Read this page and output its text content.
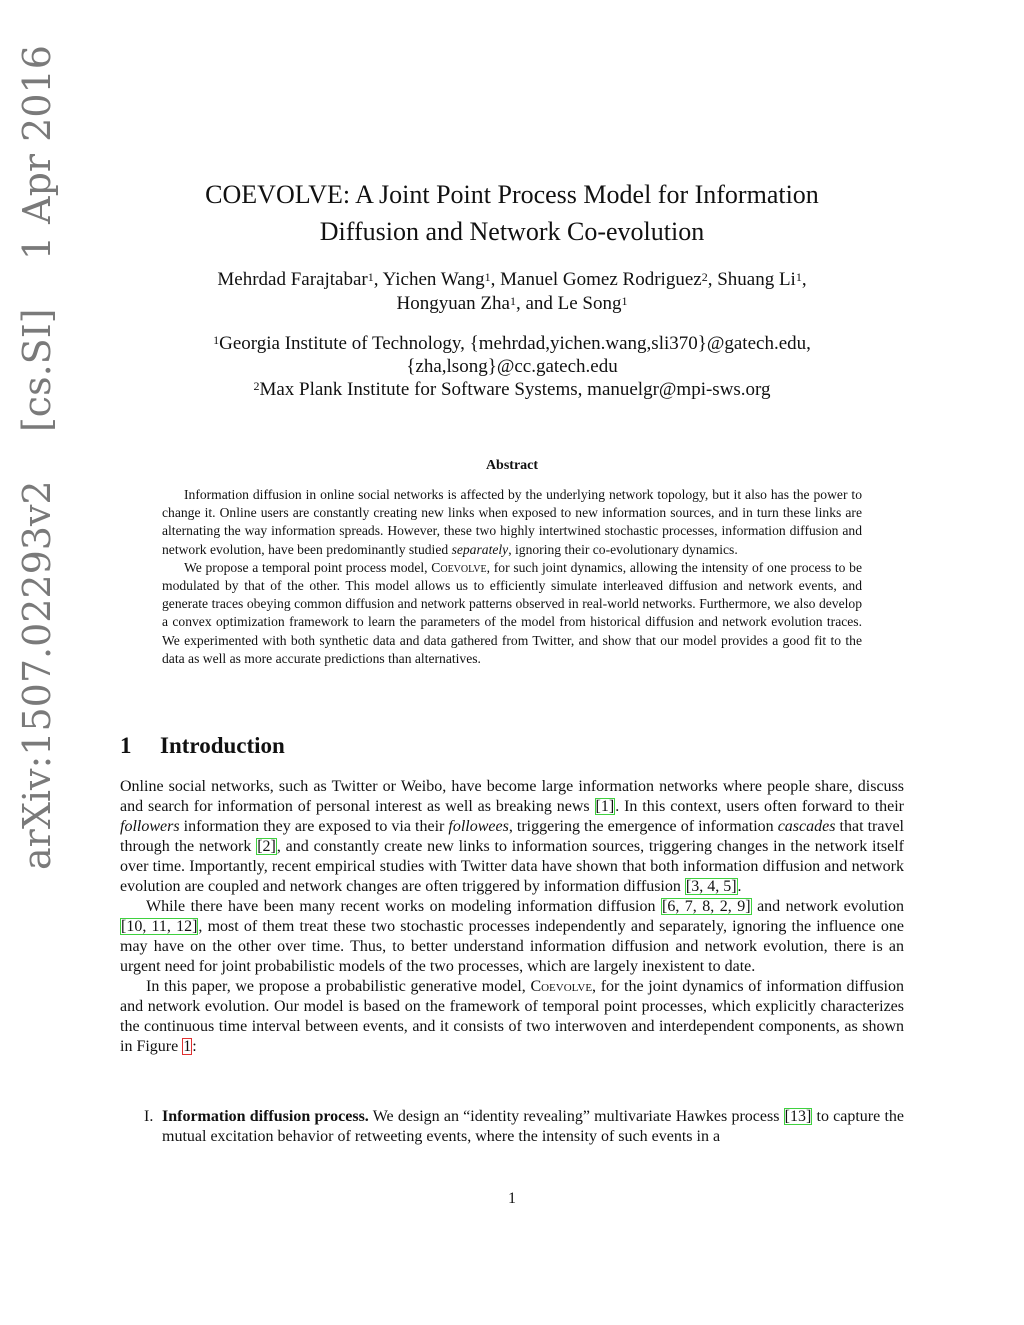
arXiv:1507.02293v2    [cs.SI]    1 Apr 2016	COEVOLVE: A Joint Point Process Model for Information
Diffusion and Network Co-evolution
Mehrdad Farajtabar$^1$, Yichen Wang$^1$, Manuel Gomez Rodriguez$^2$, Shuang Li$^1$,
Hongyuan Zha$^1$, and Le Song$^1$
$^1$Georgia Institute of Technology, {mehrdad,yichen.wang,sli370}@gatech.edu,
{zha,lsong}@cc.gatech.edu
$^2$Max Plank Institute for Software Systems, manuelgr@mpi-sws.org
Abstract

Information diffusion in online social networks is affected by the underlying network topology, but it also has the power to change it. Online users are constantly creating new links when exposed to new information sources, and in turn these links are alternating the way information spreads. However, these two highly intertwined stochastic processes, information diffusion and network evolution, have been predominantly studied separately, ignoring their co-evolutionary dynamics.

We propose a temporal point process model, Coevolve, for such joint dynamics, allowing the intensity of one process to be modulated by that of the other. This model allows us to efficiently simulate interleaved diffusion and network events, and generate traces obeying common diffusion and network patterns observed in real-world networks. Furthermore, we also develop a convex optimization framework to learn the parameters of the model from historical diffusion and network evolution traces. We experimented with both synthetic data and data gathered from Twitter, and show that our model provides a good fit to the data as well as more accurate predictions than alternatives.

1 Introduction

Online social networks, such as Twitter or Weibo, have become large information networks where people share, discuss and search for information of personal interest as well as breaking news [1]. In this context, users often forward to their followers information they are exposed to via their followees, triggering the emergence of information cascades that travel through the network [2], and constantly create new links to information sources, triggering changes in the network itself over time. Importantly, recent empirical studies with Twitter data have shown that both information diffusion and network evolution are coupled and network changes are often triggered by information diffusion [3, 4, 5].

While there have been many recent works on modeling information diffusion [6, 7, 8, 2, 9] and network evolution [10, 11, 12], most of them treat these two stochastic processes independently and separately, ignoring the influence one may have on the other over time. Thus, to better understand information diffusion and network evolution, there is an urgent need for joint probabilistic models of the two processes, which are largely inexistent to date.

In this paper, we propose a probabilistic generative model, Coevolve, for the joint dynamics of information diffusion and network evolution. Our model is based on the framework of temporal point processes, which explicitly characterizes the continuous time interval between events, and it consists of two interwoven and interdependent components, as shown in Figure 1:

I. Information diffusion process. We design an “identity revealing” multivariate Hawkes process [13] to capture the mutual excitation behavior of retweeting events, where the intensity of such events in a
1
